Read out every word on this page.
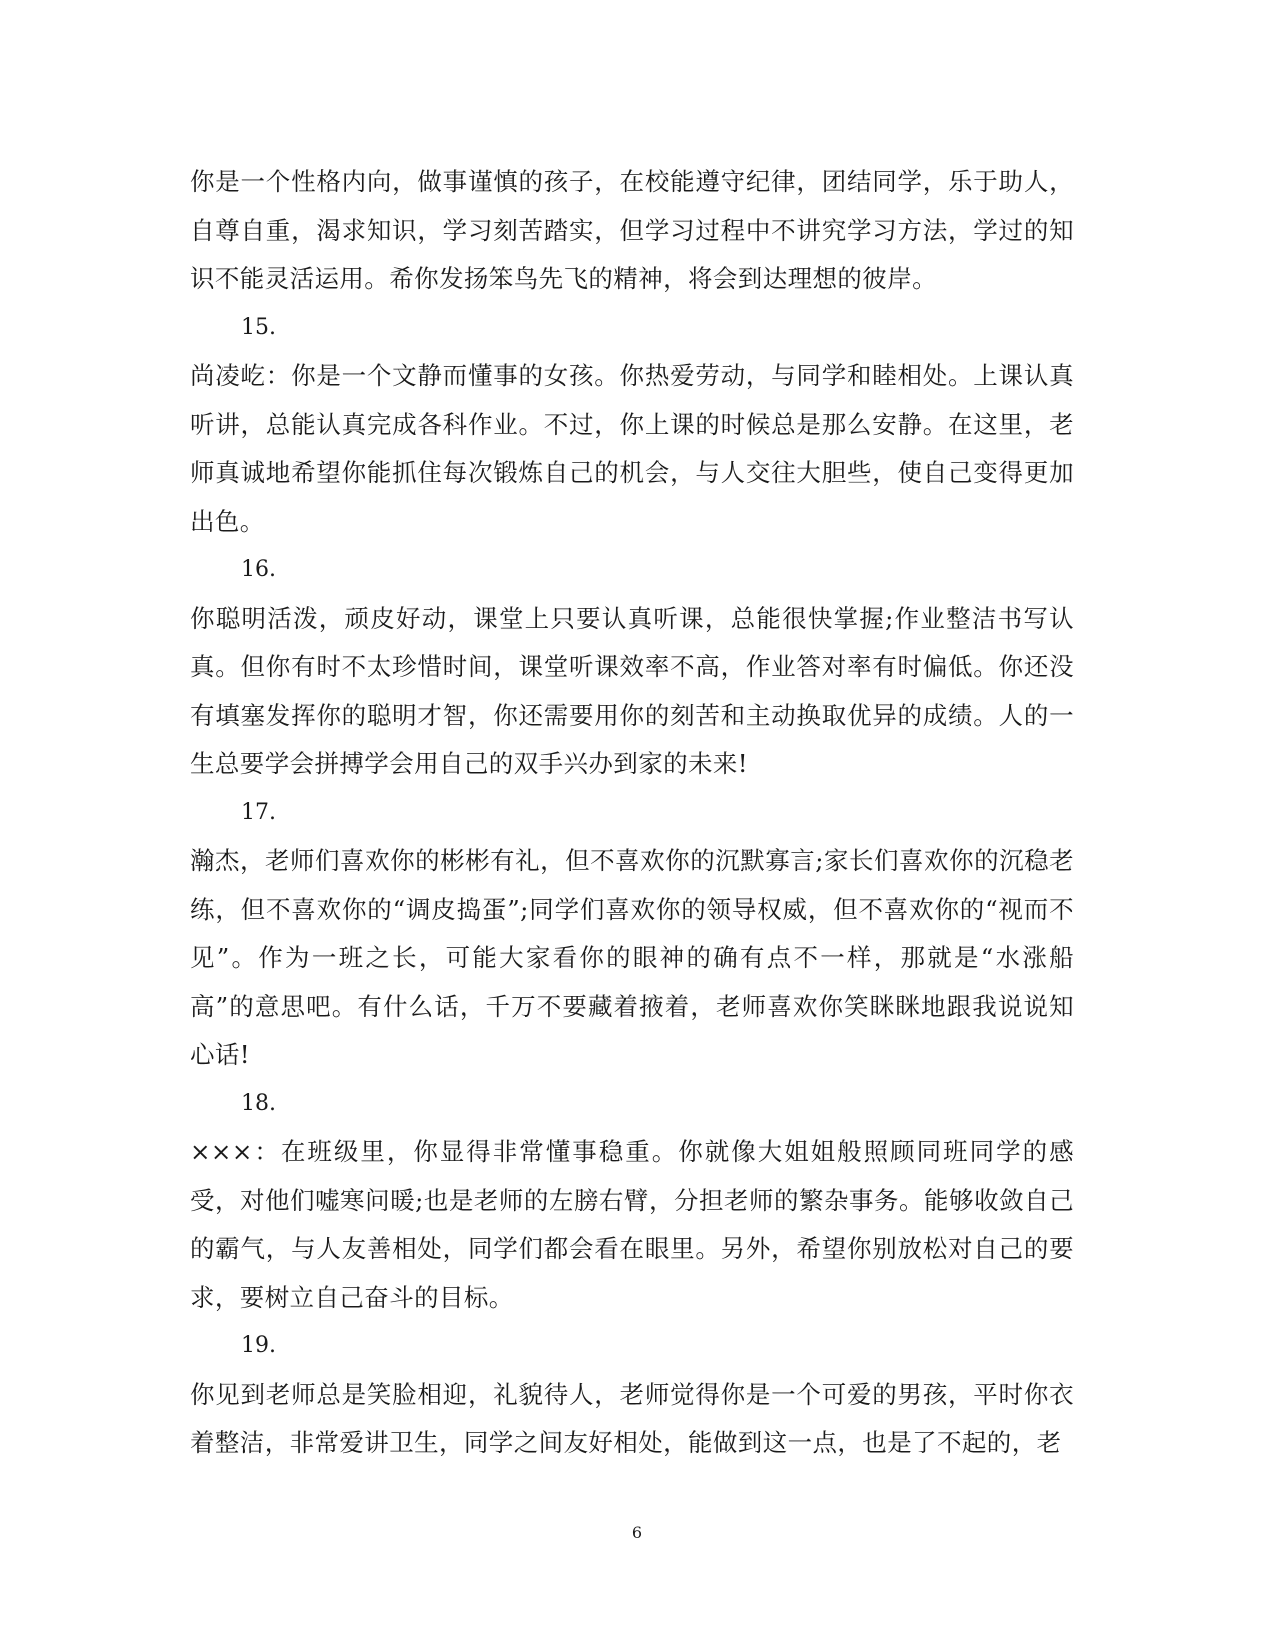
你是一个性格内向，做事谨慎的孩子，在校能遵守纪律，团结同学，乐于助人，自尊自重，渴求知识，学习刻苦踏实，但学习过程中不讲究学习方法，学过的知识不能灵活运用。希你发扬笨鸟先飞的精神，将会到达理想的彼岸。

15.

尚凌屹：你是一个文静而懂事的女孩。你热爱劳动，与同学和睦相处。上课认真听讲，总能认真完成各科作业。不过，你上课的时候总是那么安静。在这里，老师真诚地希望你能抓住每次锻炼自己的机会，与人交往大胆些，使自己变得更加出色。

16.

你聪明活泼，顽皮好动，课堂上只要认真听课，总能很快掌握;作业整洁书写认真。但你有时不太珍惜时间，课堂听课效率不高，作业答对率有时偏低。你还没有填塞发挥你的聪明才智，你还需要用你的刻苦和主动换取优异的成绩。人的一生总要学会拼搏学会用自己的双手兴办到家的未来!

17.

瀚杰，老师们喜欢你的彬彬有礼，但不喜欢你的沉默寡言;家长们喜欢你的沉稳老练，但不喜欢你的“调皮捣蛋”;同学们喜欢你的领导权威，但不喜欢你的“视而不见”。作为一班之长，可能大家看你的眼神的确有点不一样，那就是“水涨船高”的意思吧。有什么话，千万不要藏着掖着，老师喜欢你笑眯眯地跟我说说知心话!

18.

×××：在班级里，你显得非常懂事稳重。你就像大姐姐般照顾同班同学的感受，对他们嘘寒问暖;也是老师的左膀右臂，分担老师的繁杂事务。能够收敛自己的霸气，与人友善相处，同学们都会看在眼里。另外，希望你别放松对自己的要求，要树立自己奋斗的目标。

19.

你见到老师总是笑脸相迎，礼貌待人，老师觉得你是一个可爱的男孩，平时你衣着整洁，非常爱讲卫生，同学之间友好相处，能做到这一点，也是了不起的，老

6
